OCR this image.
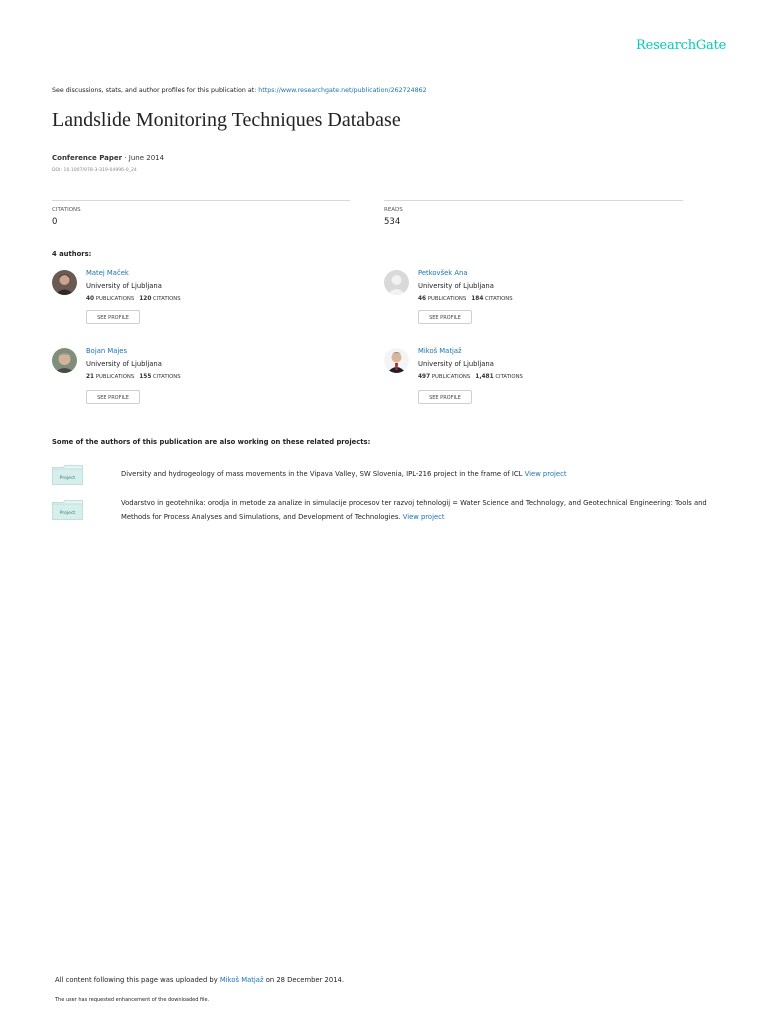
ResearchGate
See discussions, stats, and author profiles for this publication at: https://www.researchgate.net/publication/262724862
Landslide Monitoring Techniques Database
Conference Paper · June 2014
DOI: 10.1007/978-3-319-04996-0_24
CITATIONS
0
READS
534
4 authors:
Matej Maček
University of Ljubljana
40 PUBLICATIONS 120 CITATIONS
SEE PROFILE
Petkovšek Ana
University of Ljubljana
46 PUBLICATIONS 184 CITATIONS
SEE PROFILE
Bojan Majes
University of Ljubljana
21 PUBLICATIONS 155 CITATIONS
SEE PROFILE
Mikoš Matjaž
University of Ljubljana
497 PUBLICATIONS 1,481 CITATIONS
SEE PROFILE
Some of the authors of this publication are also working on these related projects:
Project
Diversity and hydrogeology of mass movements in the Vipava Valley, SW Slovenia, IPL-216 project in the frame of ICL View project
Project
Vodarstvo in geotehnika: orodja in metode za analize in simulacije procesov ter razvoj tehnologij = Water Science and Technology, and Geotechnical Engineering: Tools and Methods for Process Analyses and Simulations, and Development of Technologies. View project
All content following this page was uploaded by Mikoš Matjaž on 28 December 2014.
The user has requested enhancement of the downloaded file.
